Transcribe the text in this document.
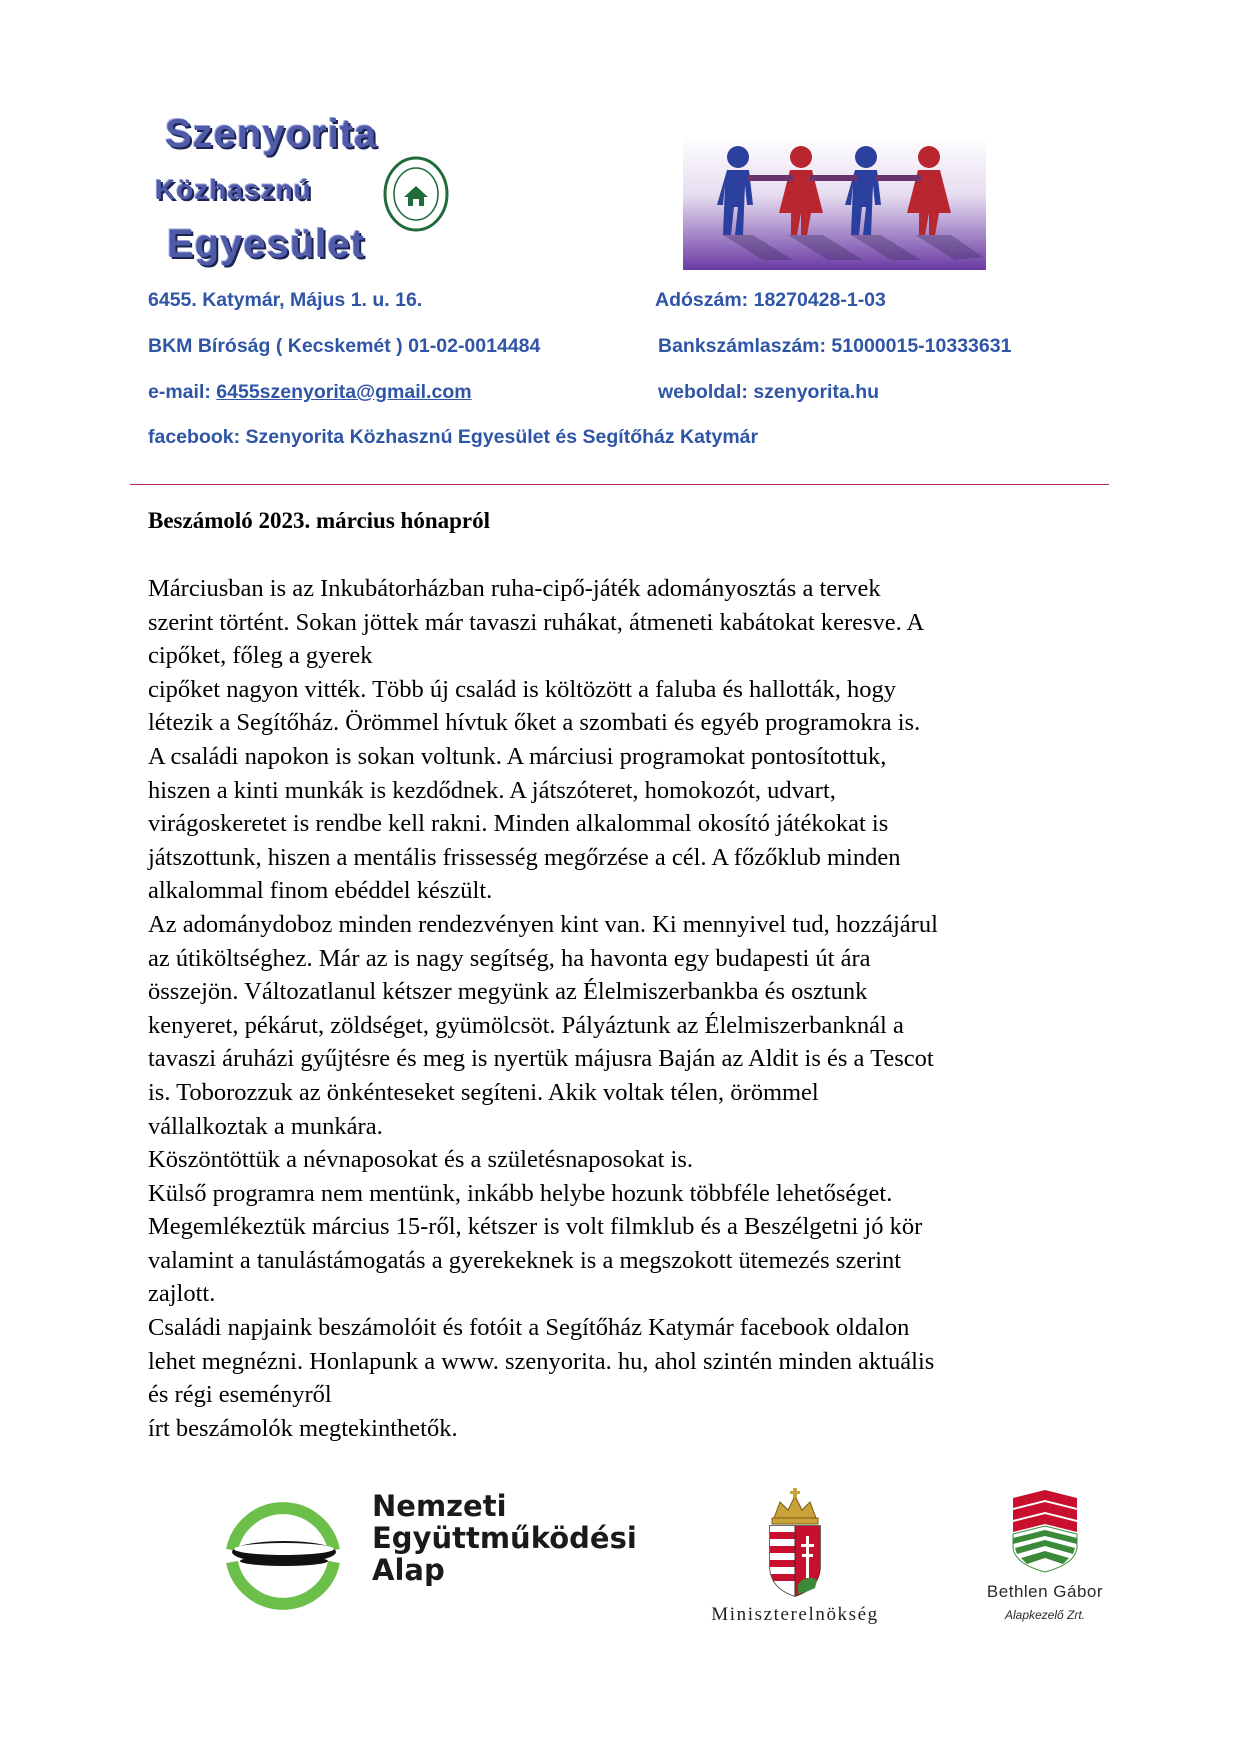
Szenyorita
Közhasznú
Egyesület
6455. Katymár, Május 1. u. 16.	Adószám: 18270428-1-03
BKM Bíróság ( Kecskemét ) 01-02-0014484	Bankszámlaszám: 51000015-10333631
e-mail: 6455szenyorita@gmail.com	weboldal: szenyorita.hu
facebook: Szenyorita Közhasznú Egyesület és Segítőház Katymár
Beszámoló 2023. március hónapról
Márciusban is az Inkubátorházban ruha-cipő-játék adományosztás a tervek
szerint történt. Sokan jöttek már tavaszi ruhákat, átmeneti kabátokat keresve. A
cipőket, főleg a gyerek
cipőket nagyon vitték. Több új család is költözött a faluba és hallották, hogy
létezik a Segítőház. Örömmel hívtuk őket a szombati és egyéb programokra is.
A családi napokon is sokan voltunk. A márciusi programokat pontosítottuk,
hiszen a kinti munkák is kezdődnek. A játszóteret, homokozót, udvart,
virágoskeretet is rendbe kell rakni. Minden alkalommal okosító játékokat is
játszottunk, hiszen a mentális frissesség megőrzése a cél. A főzőklub minden
alkalommal finom ebéddel készült.
Az adománydoboz minden rendezvényen kint van. Ki mennyivel tud, hozzájárul
az útiköltséghez. Már az is nagy segítség, ha havonta egy budapesti út ára
összejön. Változatlanul kétszer megyünk az Élelmiszerbankba és osztunk
kenyeret, pékárut, zöldséget, gyümölcsöt. Pályáztunk az Élelmiszerbanknál a
tavaszi áruházi gyűjtésre és meg is nyertük májusra Baján az Aldit is és a Tescot
is. Toborozzuk az önkénteseket segíteni. Akik voltak télen, örömmel
vállalkoztak a munkára.
Köszöntöttük a névnaposokat és a születésnaposokat is.
Külső programra nem mentünk, inkább helybe hozunk többféle lehetőséget.
Megemlékeztük március 15-ről, kétszer is volt filmklub és a Beszélgetni jó kör
valamint a tanulástámogatás a gyerekeknek is a megszokott ütemezés szerint
zajlott.
Családi napjaink beszámolóit és fotóit a Segítőház Katymár facebook oldalon
lehet megnézni. Honlapunk a www. szenyorita. hu, ahol szintén minden aktuális
és régi eseményről
írt beszámolók megtekinthetők.
Nemzeti
Együttműködési
Alap
Miniszterelnökség
Bethlen Gábor
Alapkezelő Zrt.
